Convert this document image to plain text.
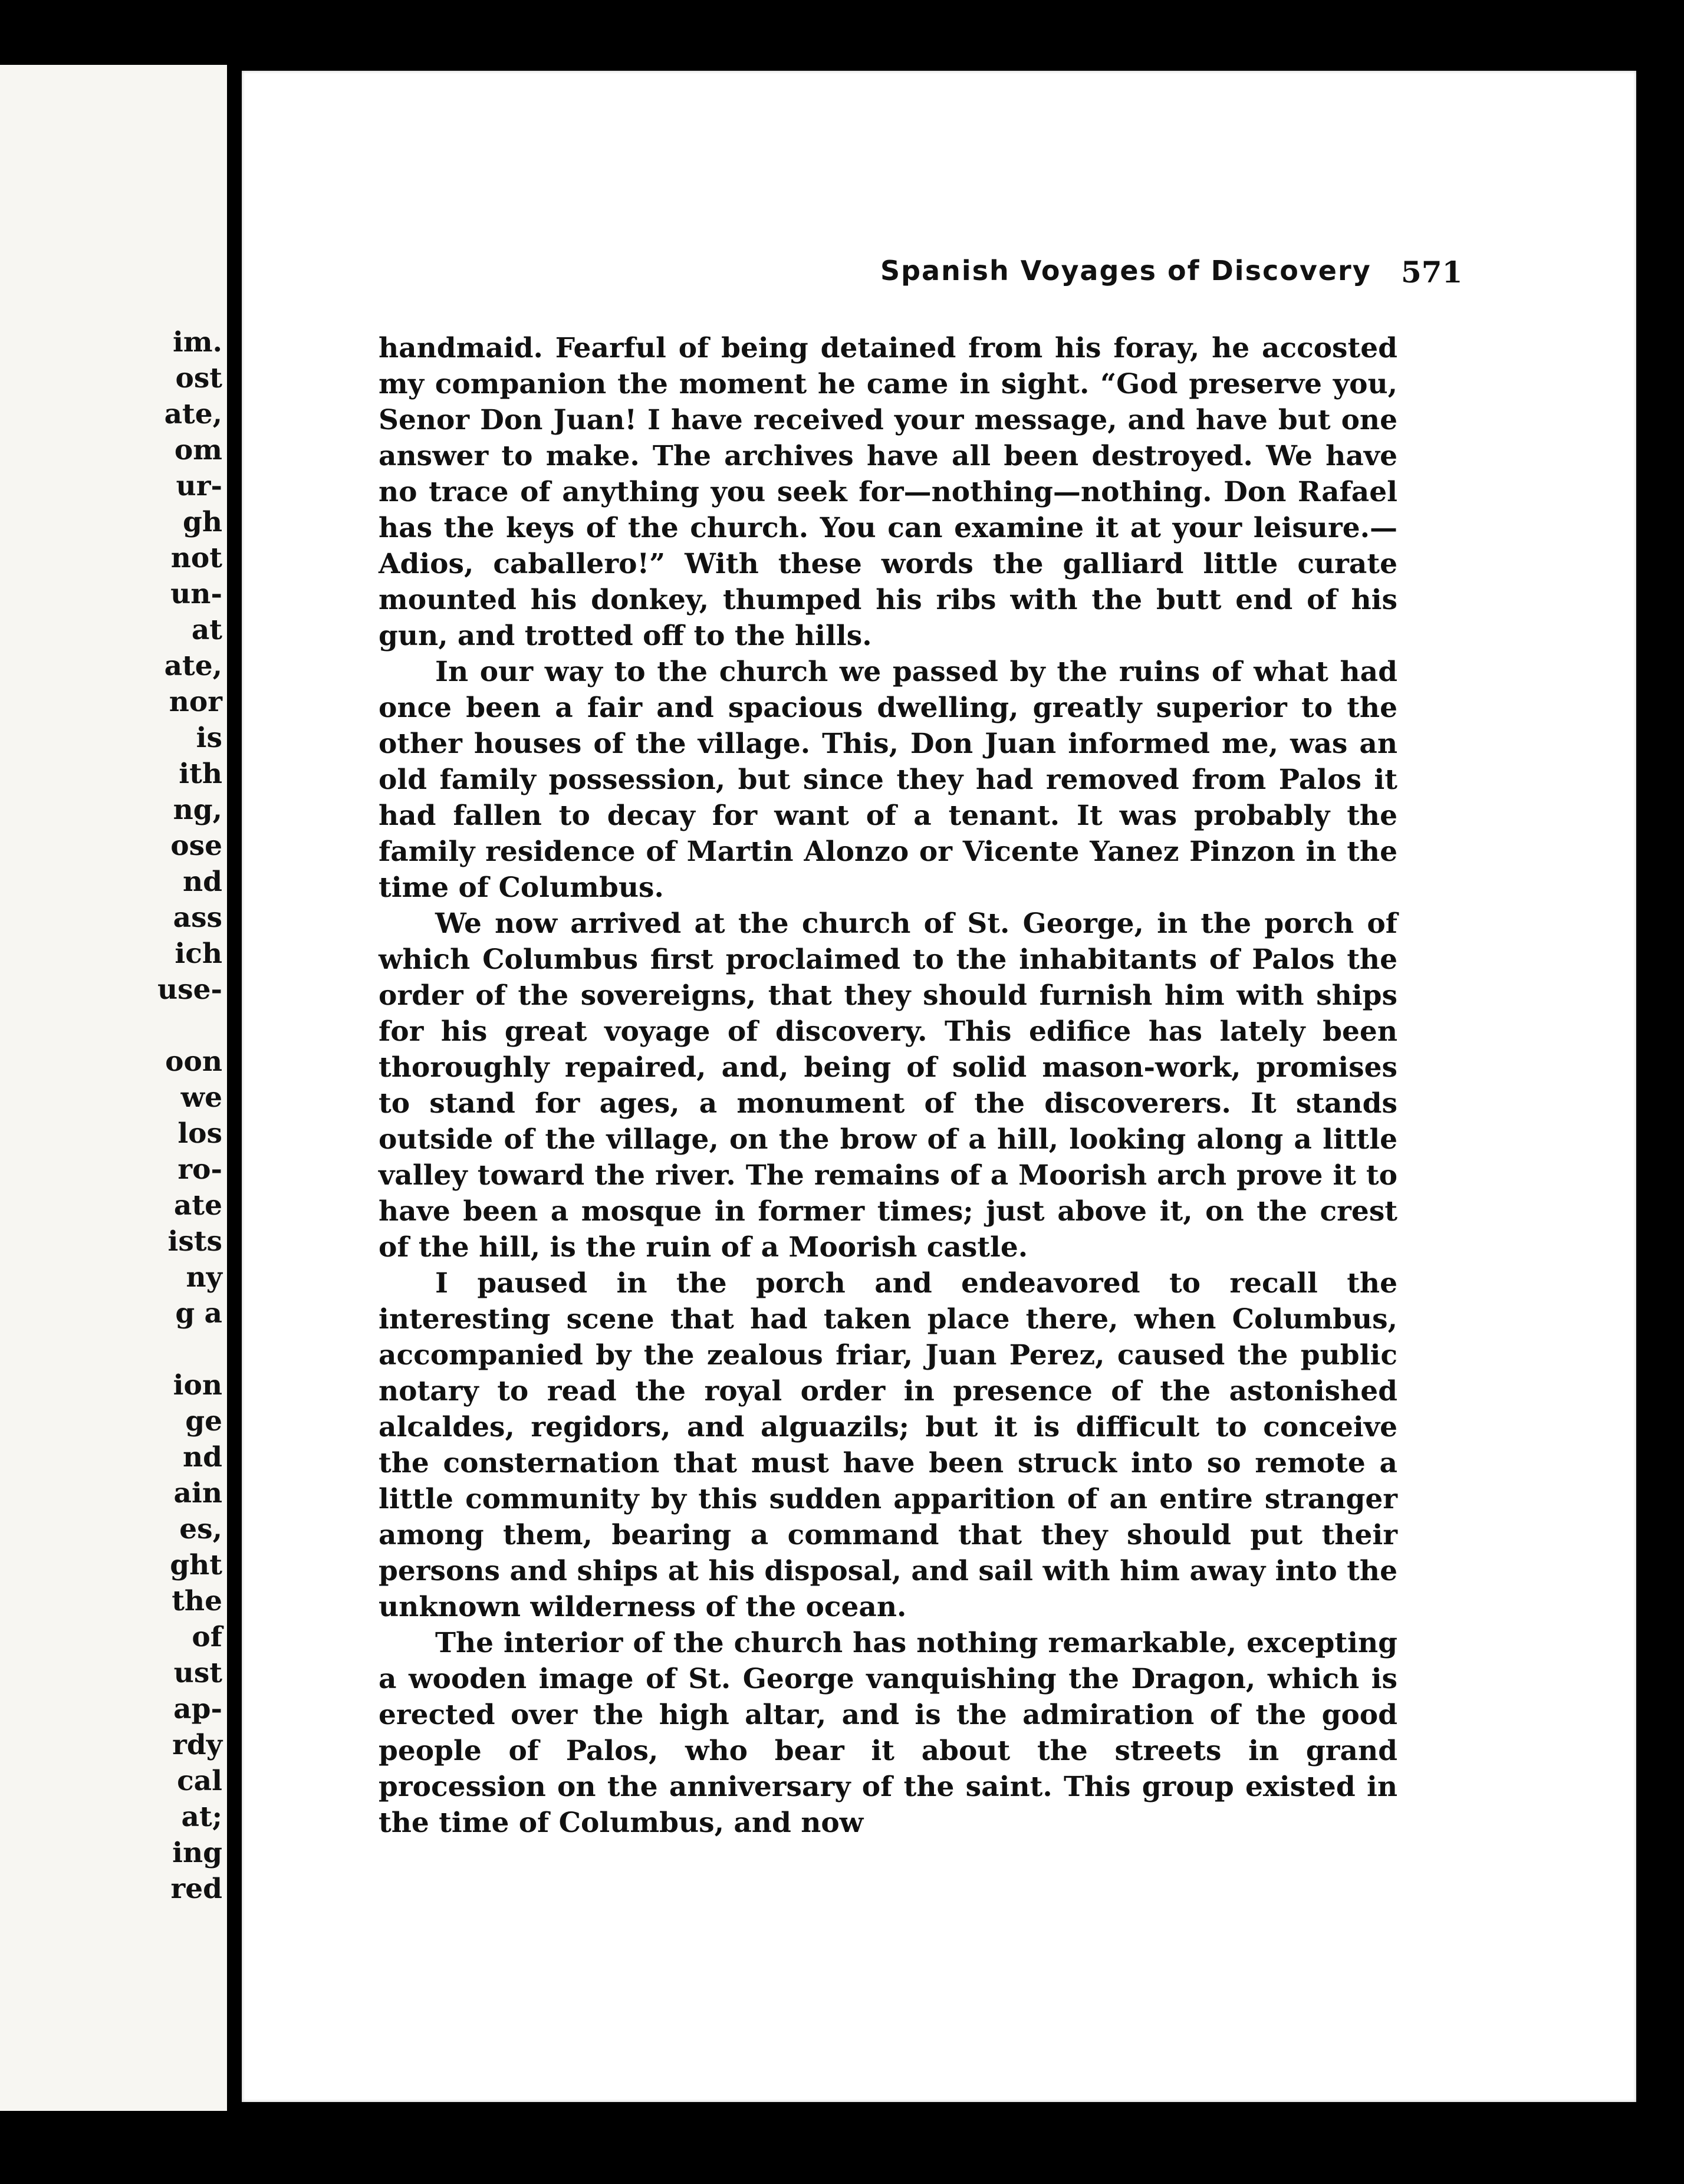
im.
ost
ate,
om
ur-
gh
not
un-
at
ate,
nor
is
ith
ng,
ose
nd
ass
ich
use-
oon
we
los
ro-
ate
ists
ny
g a
ion
ge
nd
ain
es,
ght
the
of
ust
ap-
rdy
cal
at;
ing
red
Spanish Voyages of Discovery 571

handmaid. Fearful of being detained from his foray, he accosted my companion the moment he came in sight. “God preserve you, Senor Don Juan! I have received your message, and have but one answer to make. The archives have all been destroyed. We have no trace of anything you seek for—nothing—nothing. Don Rafael has the keys of the church. You can examine it at your leisure.—Adios, caballero!” With these words the galliard little curate mounted his donkey, thumped his ribs with the butt end of his gun, and trotted off to the hills.

In our way to the church we passed by the ruins of what had once been a fair and spacious dwelling, greatly superior to the other houses of the village. This, Don Juan informed me, was an old family possession, but since they had removed from Palos it had fallen to decay for want of a tenant. It was probably the family residence of Martin Alonzo or Vicente Yanez Pinzon in the time of Columbus.

We now arrived at the church of St. George, in the porch of which Columbus first proclaimed to the inhabitants of Palos the order of the sovereigns, that they should furnish him with ships for his great voyage of discovery. This edifice has lately been thoroughly repaired, and, being of solid mason-work, promises to stand for ages, a monument of the discoverers. It stands outside of the village, on the brow of a hill, looking along a little valley toward the river. The remains of a Moorish arch prove it to have been a mosque in former times; just above it, on the crest of the hill, is the ruin of a Moorish castle.

I paused in the porch and endeavored to recall the interesting scene that had taken place there, when Columbus, accompanied by the zealous friar, Juan Perez, caused the public notary to read the royal order in presence of the astonished alcaldes, regidors, and alguazils; but it is difficult to conceive the consternation that must have been struck into so remote a little community by this sudden apparition of an entire stranger among them, bearing a command that they should put their persons and ships at his disposal, and sail with him away into the unknown wilderness of the ocean.

The interior of the church has nothing remarkable, excepting a wooden image of St. George vanquishing the Dragon, which is erected over the high altar, and is the admiration of the good people of Palos, who bear it about the streets in grand procession on the anniversary of the saint. This group existed in the time of Columbus, and now
